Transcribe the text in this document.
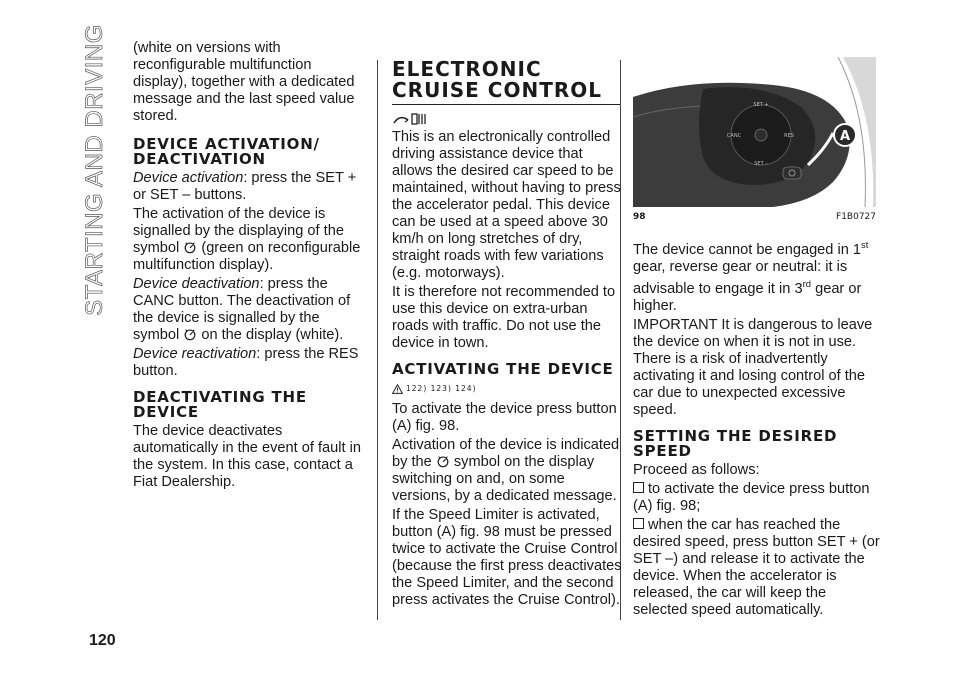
STARTING AND DRIVING
120

(white on versions with reconfigurable multifunction display), together with a dedicated message and the last speed value stored.

DEVICE ACTIVATION/ DEACTIVATION

Device activation: press the SET + or SET – buttons.

The activation of the device is signalled by the displaying of the symbol  (green on reconfigurable multifunction display).

Device deactivation: press the CANC button. The deactivation of the device is signalled by the symbol  on the display (white).

Device reactivation: press the RES button.

DEACTIVATING THE DEVICE

The device deactivates automatically in the event of fault in the system. In this case, contact a Fiat Dealership.

ELECTRONIC CRUISE CONTROL

This is an electronically controlled driving assistance device that allows the desired car speed to be maintained, without having to press the accelerator pedal. This device can be used at a speed above 30 km/h on long stretches of dry, straight roads with few variations (e.g. motorways).

It is therefore not recommended to use this device on extra-urban roads with traffic. Do not use the device in town.

ACTIVATING THE DEVICE
122) 123) 124)

To activate the device press button (A) fig. 98.

Activation of the device is indicated by the  symbol on the display switching on and, on some versions, by a dedicated message.

If the Speed Limiter is activated, button (A) fig. 98 must be pressed twice to activate the Cruise Control (because the first press deactivates the Speed Limiter, and the second press activates the Cruise Control).

SET +
CANC	RES
SET –
A
98	F1B0727

The device cannot be engaged in 1st gear, reverse gear or neutral: it is advisable to engage it in 3rd gear or higher.

IMPORTANT It is dangerous to leave the device on when it is not in use. There is a risk of inadvertently activating it and losing control of the car due to unexpected excessive speed.

SETTING THE DESIRED SPEED

Proceed as follows:

to activate the device press button (A) fig. 98;

when the car has reached the desired speed, press button SET + (or SET –) and release it to activate the device. When the accelerator is released, the car will keep the selected speed automatically.
